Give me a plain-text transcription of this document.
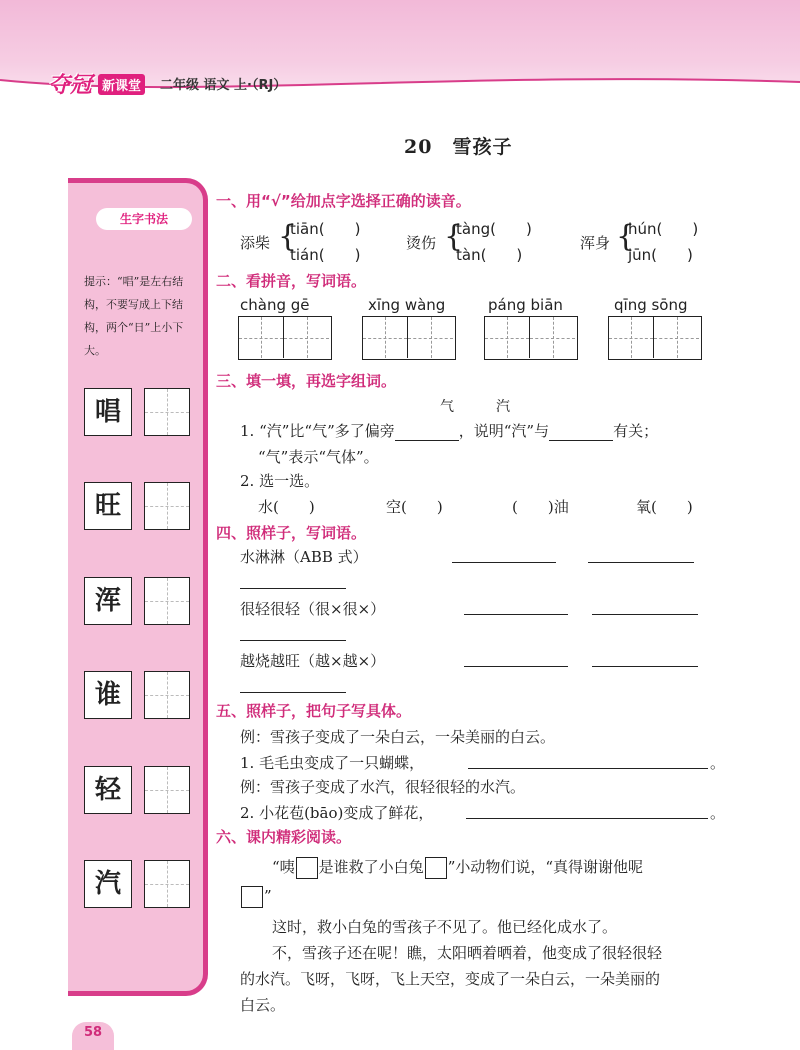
夺冠 新课堂	二年级 语文 上·（RJ）
20　雪孩子
生字书法
提示：“唱”是左右结构，不要写成上下结构，两个“日”上小下大。
唱
旺
浑
谁
轻
汽
一、用“√”给加点字选择正确的读音。
添柴 {
tiān(　　)
tián(　　)
烫伤 {
tàng(　　)
tàn(　　)
浑身 {
hún(　　)
jūn(　　)
二、看拼音，写词语。
chàng gē	xīng wàng	páng biān	qīng sōng
三、填一填，再选字组词。
气　　　汽
1. “汽”比“气”多了偏旁	，说明“汽”与	有关；
“气”表示“气体”。
2. 选一选。
水(　　)	空(　　)	(　　)油	氧(　　)
四、照样子，写词语。
水淋淋（ABB 式）
很轻很轻（很×很×）
越烧越旺（越×越×）
五、照样子，把句子写具体。
例：雪孩子变成了一朵白云，一朵美丽的白云。
1. 毛毛虫变成了一只蝴蝶，	。
例：雪孩子变成了水汽，很轻很轻的水汽。
2. 小花苞(bāo)变成了鲜花，	。
六、课内精彩阅读。
“咦 是谁救了小白兔 ”小动物们说，“真得谢谢他呢
”
这时，救小白兔的雪孩子不见了。他已经化成水了。
不，雪孩子还在呢！瞧，太阳晒着晒着，他变成了很轻很轻
的水汽。飞呀，飞呀，飞上天空，变成了一朵白云，一朵美丽的
白云。
58
